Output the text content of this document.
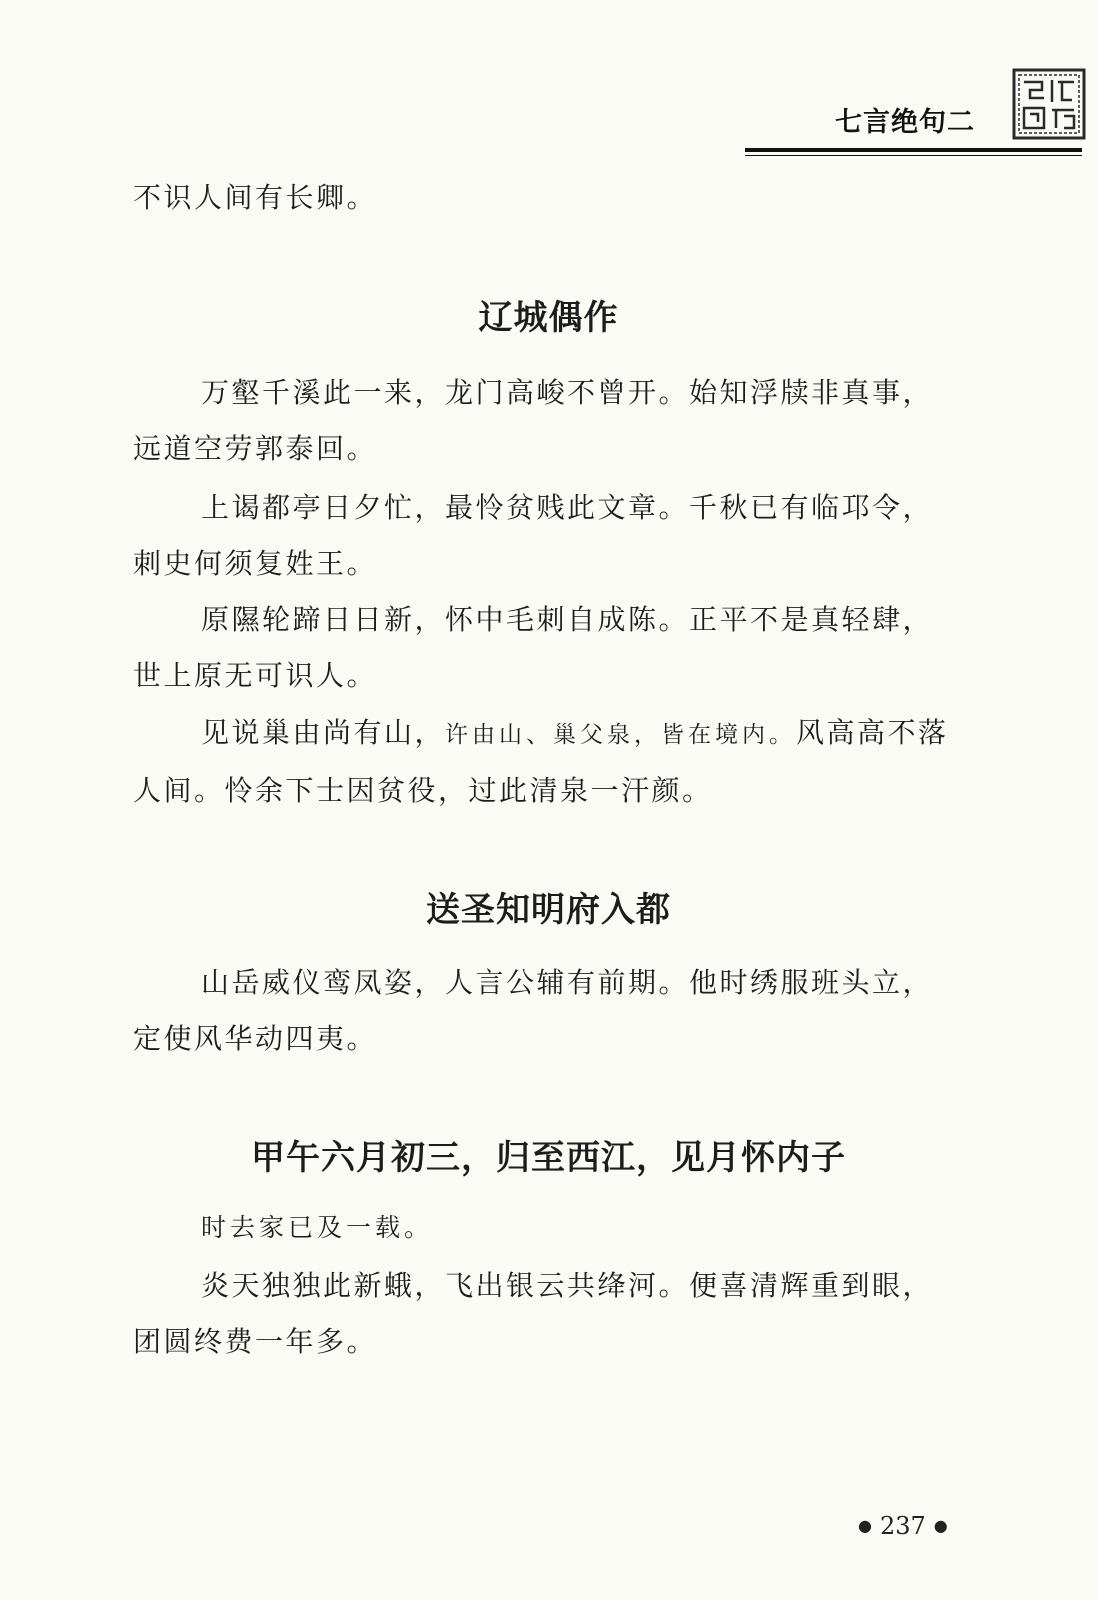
七言绝句二

不识人间有长卿。

辽城偶作

万壑千溪此一来，龙门高峻不曾开。始知浮牍非真事，
远道空劳郭泰回。

上谒都亭日夕忙，最怜贫贱此文章。千秋已有临邛令，
刺史何须复姓王。

原隰轮蹄日日新，怀中毛刺自成陈。正平不是真轻肆，
世上原无可识人。

见说巢由尚有山，许由山、巢父泉，皆在境内。风高高不落
人间。怜余下士因贫役，过此清泉一汗颜。

送圣知明府入都

山岳威仪鸾凤姿，人言公辅有前期。他时绣服班头立，
定使风华动四夷。

甲午六月初三，归至西江，见月怀内子

时去家已及一载。

炎天独独此新蛾，飞出银云共绛河。便喜清辉重到眼，
团圆终费一年多。

● 237 ●
